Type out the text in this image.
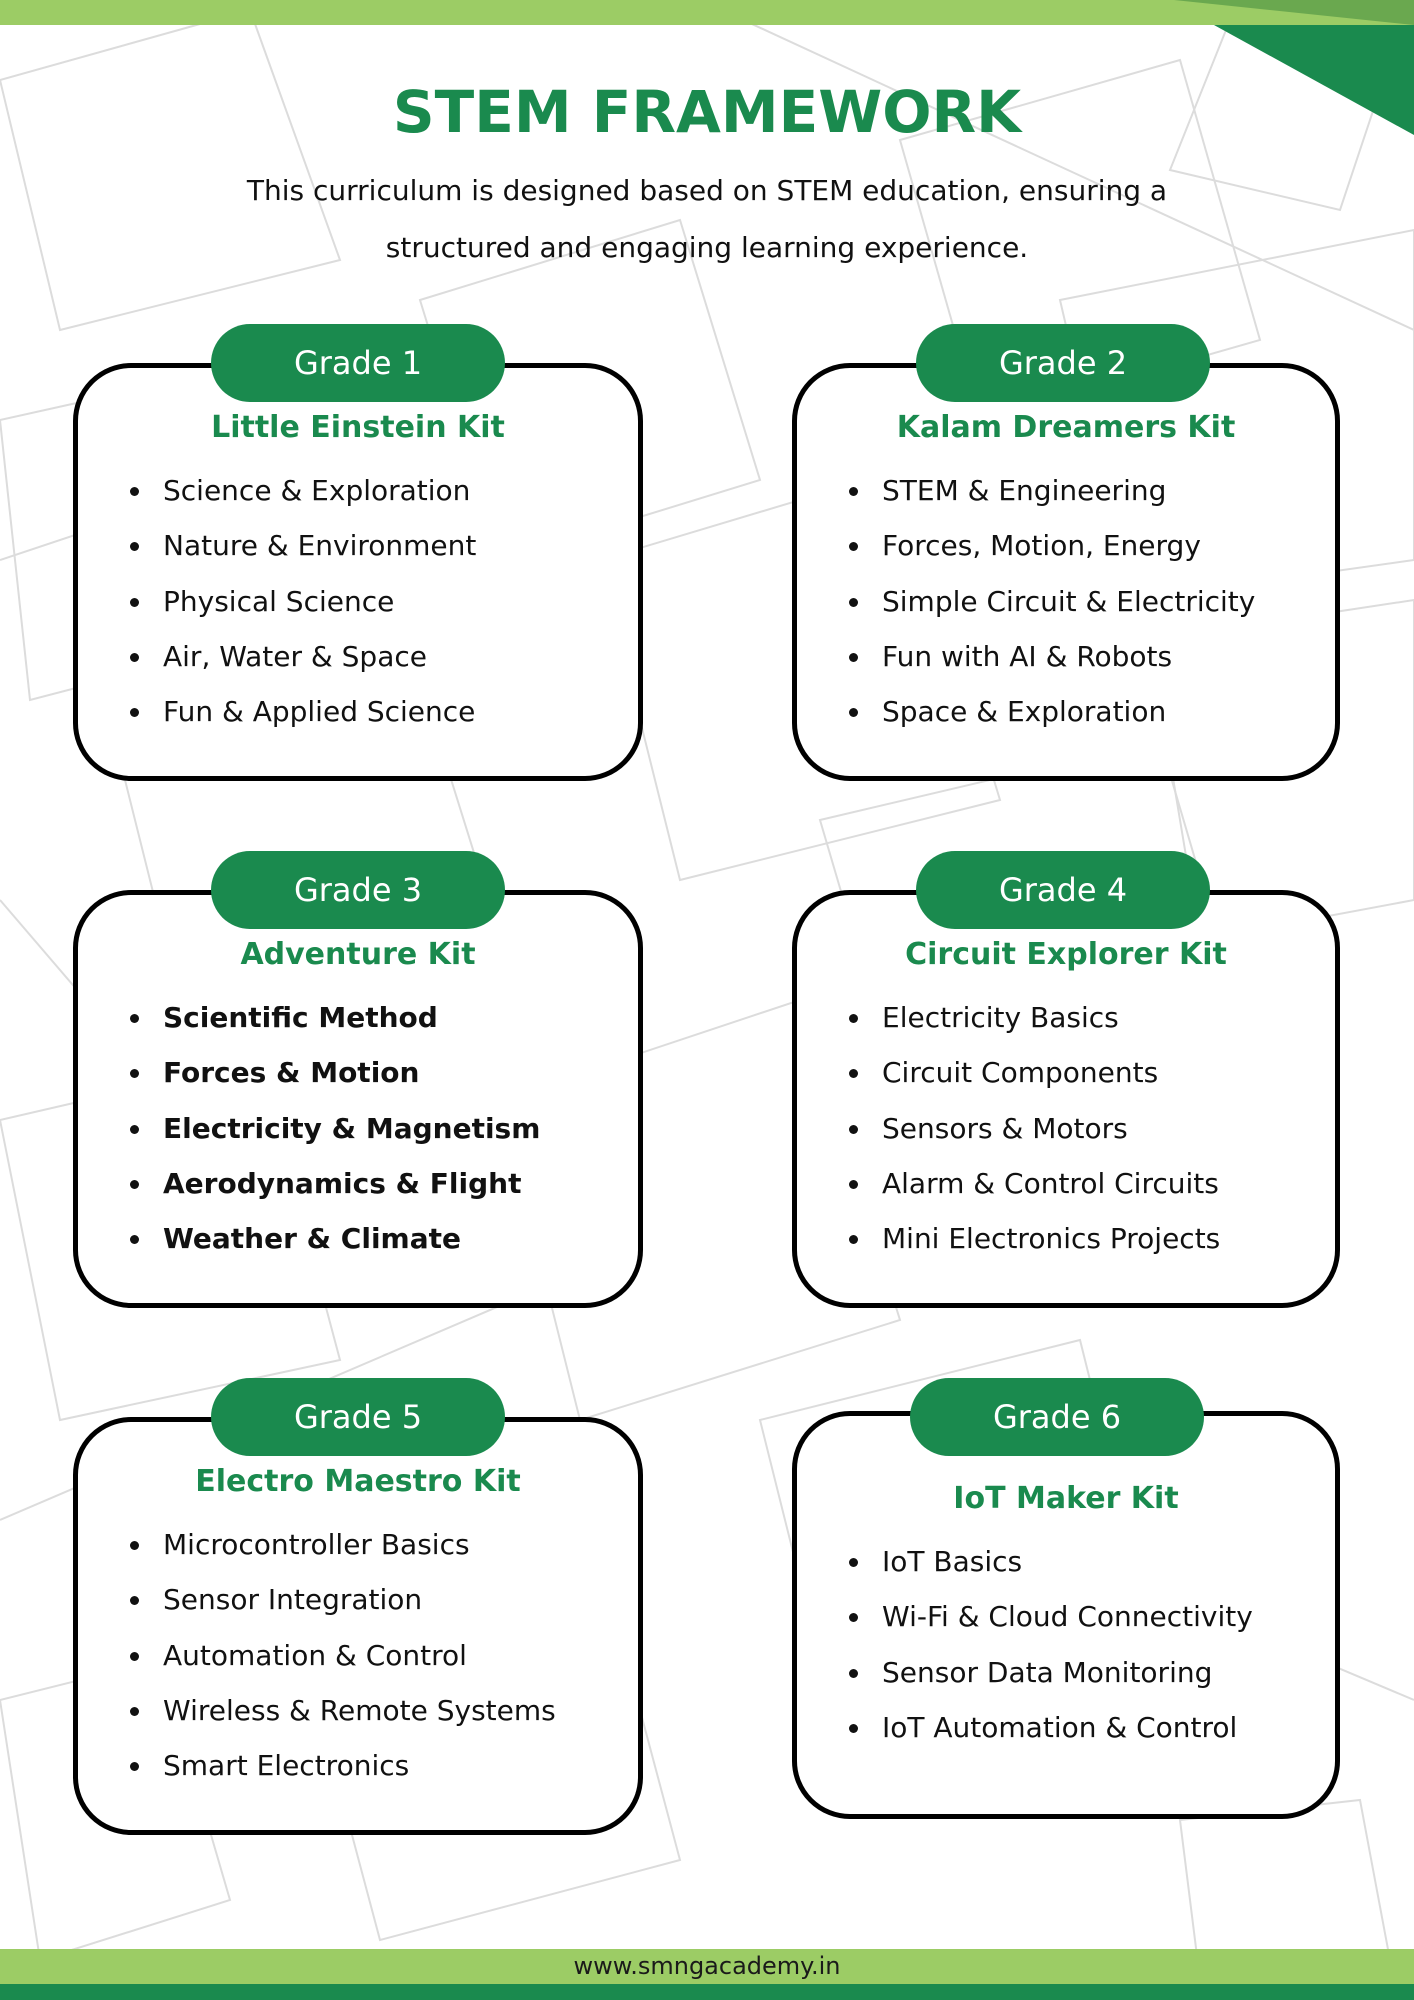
STEM FRAMEWORK

This curriculum is designed based on STEM education, ensuring a structured and engaging learning experience.

Grade 1
Little Einstein Kit
Science & Exploration
Nature & Environment
Physical Science
Air, Water & Space
Fun & Applied Science
Grade 2
Kalam Dreamers Kit
STEM & Engineering
Forces, Motion, Energy
Simple Circuit & Electricity
Fun with AI & Robots
Space & Exploration
Grade 3
Adventure Kit
Scientific Method
Forces & Motion
Electricity & Magnetism
Aerodynamics & Flight
Weather & Climate
Grade 4
Circuit Explorer Kit
Electricity Basics
Circuit Components
Sensors & Motors
Alarm & Control Circuits
Mini Electronics Projects
Grade 5
Electro Maestro Kit
Microcontroller Basics
Sensor Integration
Automation & Control
Wireless & Remote Systems
Smart Electronics
Grade 6
IoT Maker Kit
IoT Basics
Wi-Fi & Cloud Connectivity
Sensor Data Monitoring
IoT Automation & Control
www.smngacademy.in
